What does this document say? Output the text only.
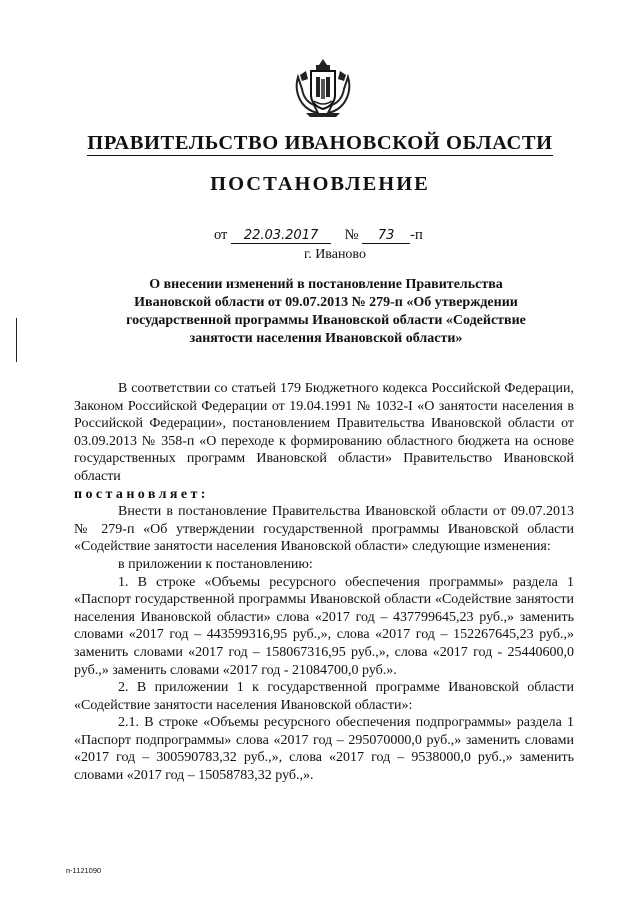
ПРАВИТЕЛЬСТВО ИВАНОВСКОЙ ОБЛАСТИ
ПОСТАНОВЛЕНИЕ
от 22.03.2017 № 73 -п
г. Иваново
О внесении изменений в постановление Правительства Ивановской области от 09.07.2013 № 279-п «Об утверждении государственной программы Ивановской области «Содействие занятости населения Ивановской области»

В соответствии со статьей 179 Бюджетного кодекса Российской Федерации, Законом Российской Федерации от 19.04.1991 № 1032-I «О занятости населения в Российской Федерации», постановлением Правительства Ивановской области от 03.09.2013 № 358-п «О переходе к формированию областного бюджета на основе государственных программ Ивановской области» Правительство Ивановской области

постановляет:

Внести в постановление Правительства Ивановской области от 09.07.2013 № 279-п «Об утверждении государственной программы Ивановской области «Содействие занятости населения Ивановской области» следующие изменения:

в приложении к постановлению:

1. В строке «Объемы ресурсного обеспечения программы» раздела 1 «Паспорт государственной программы Ивановской области «Содействие занятости населения Ивановской области» слова «2017 год – 437799645,23 руб.,» заменить словами «2017 год – 443599316,95 руб.,», слова «2017 год – 152267645,23 руб.,» заменить словами «2017 год – 158067316,95 руб.,», слова «2017 год - 25440600,0 руб.,» заменить словами «2017 год - 21084700,0 руб.».

2. В приложении 1 к государственной программе Ивановской области «Содействие занятости населения Ивановской области»:

2.1. В строке «Объемы ресурсного обеспечения подпрограммы» раздела 1 «Паспорт подпрограммы» слова «2017 год – 295070000,0 руб.,» заменить словами «2017 год – 300590783,32 руб.,», слова «2017 год – 9538000,0 руб.,» заменить словами «2017 год – 15058783,32 руб.,».

п-1121090
